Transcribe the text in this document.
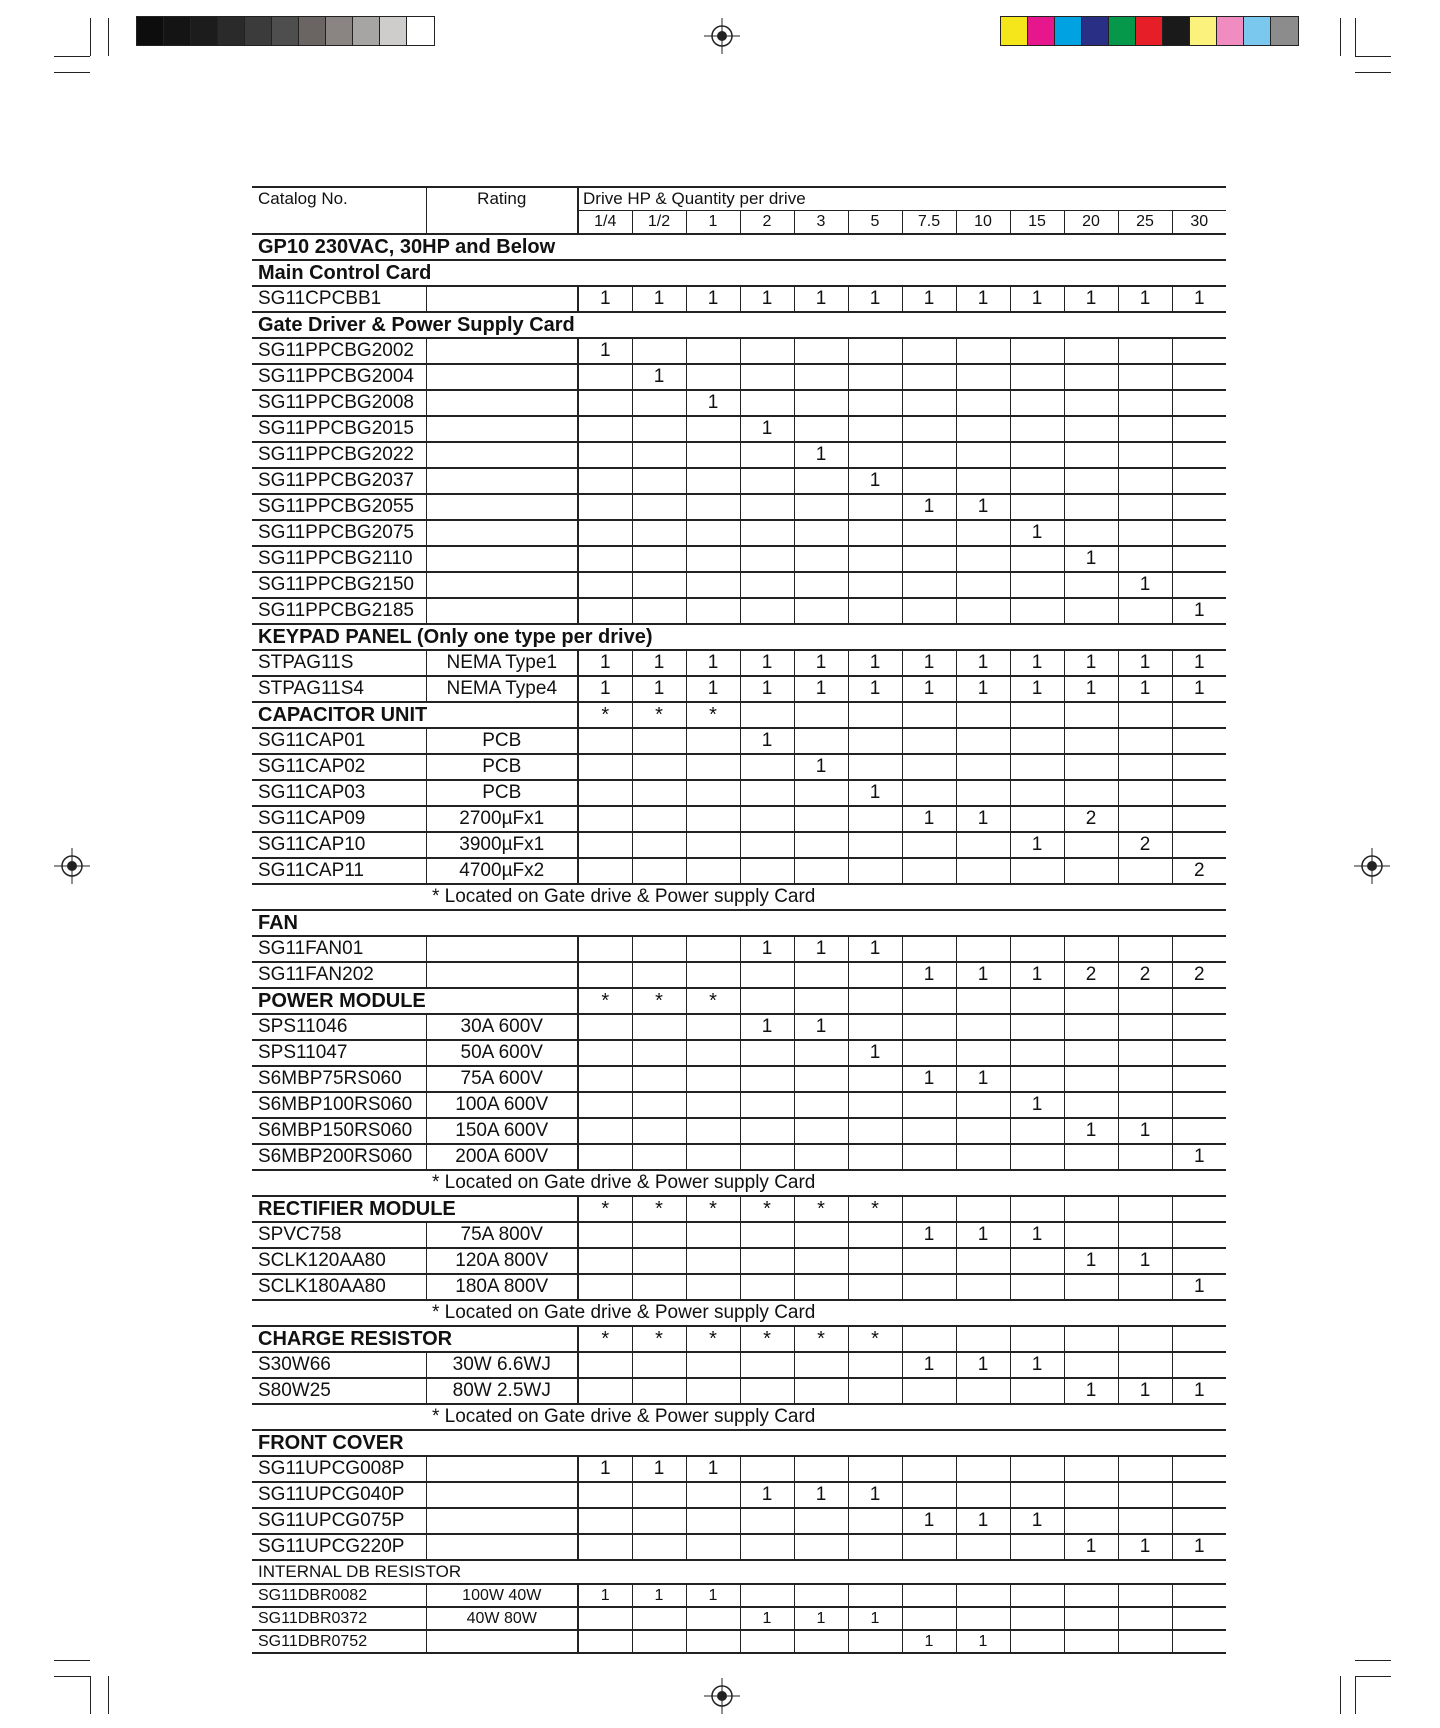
Catalog No.	Rating	Drive HP & Quantity per drive											
		1/4	1/2	1	2	3	5	7.5	10	15	20	25	30
GP10 230VAC, 30HP and Below													
Main Control Card													
SG11CPCBB1		1	1	1	1	1	1	1	1	1	1	1	1
Gate Driver & Power Supply Card													
SG11PPCBG2002		1											
SG11PPCBG2004			1										
SG11PPCBG2008				1									
SG11PPCBG2015					1								
SG11PPCBG2022						1							
SG11PPCBG2037							1						
SG11PPCBG2055								1	1				
SG11PPCBG2075										1			
SG11PPCBG2110											1		
SG11PPCBG2150												1	
SG11PPCBG2185													1
KEYPAD PANEL (Only one type per drive)													
STPAG11S	NEMA Type1	1	1	1	1	1	1	1	1	1	1	1	1
STPAG11S4	NEMA Type4	1	1	1	1	1	1	1	1	1	1	1	1
CAPACITOR UNIT		*	*	*									
SG11CAP01	PCB				1								
SG11CAP02	PCB					1							
SG11CAP03	PCB						1						
SG11CAP09	2700µFx1							1	1		2		
SG11CAP10	3900µFx1									1		2	
SG11CAP11	4700µFx2												2
	* Located on Gate drive & Power supply Card												
FAN													
SG11FAN01					1	1	1						
SG11FAN202								1	1	1	2	2	2
POWER MODULE		*	*	*									
SPS11046	30A 600V				1	1							
SPS11047	50A 600V						1						
S6MBP75RS060	75A 600V							1	1				
S6MBP100RS060	100A 600V									1			
S6MBP150RS060	150A 600V										1	1	
S6MBP200RS060	200A 600V												1
	* Located on Gate drive & Power supply Card												
RECTIFIER MODULE		*	*	*	*	*	*						
SPVC758	75A 800V							1	1	1			
SCLK120AA80	120A 800V										1	1	
SCLK180AA80	180A 800V												1
	* Located on Gate drive & Power supply Card												
CHARGE RESISTOR		*	*	*	*	*	*						
S30W66	30W 6.6WJ							1	1	1			
S80W25	80W 2.5WJ										1	1	1
	* Located on Gate drive & Power supply Card												
FRONT COVER													
SG11UPCG008P		1	1	1									
SG11UPCG040P					1	1	1						
SG11UPCG075P								1	1	1			
SG11UPCG220P											1	1	1
INTERNAL DB RESISTOR													
SG11DBR0082	100W 40W	1	1	1									
SG11DBR0372	40W 80W				1	1	1						
SG11DBR0752								1	1				
